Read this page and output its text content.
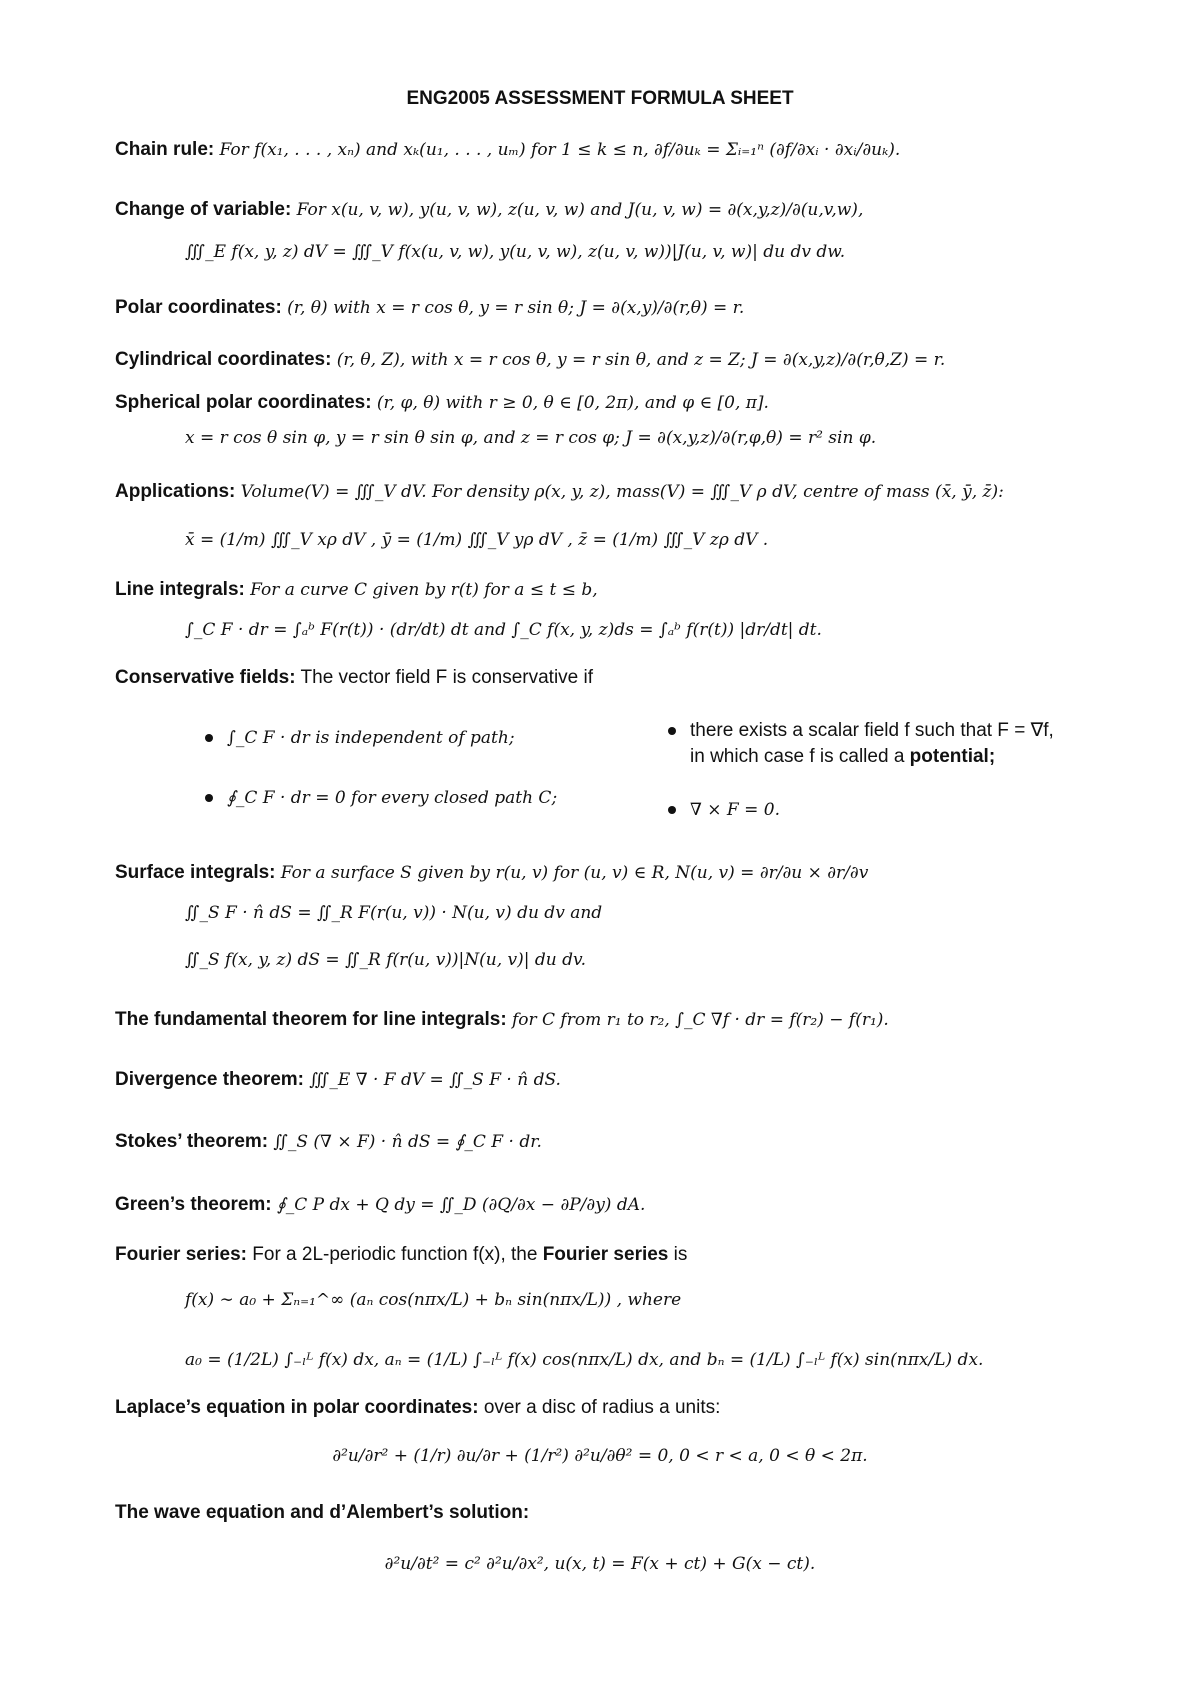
ENG2005 ASSESSMENT FORMULA SHEET
Chain rule: For f(x₁, . . . , xₙ) and xₖ(u₁, . . . , uₘ) for 1 ≤ k ≤ n, ∂f/∂uₖ = Σᵢ₌₁ⁿ (∂f/∂xᵢ · ∂xᵢ/∂uₖ).
Change of variable: For x(u, v, w), y(u, v, w), z(u, v, w) and J(u, v, w) = ∂(x,y,z)/∂(u,v,w),
∭_E f(x, y, z) dV = ∭_V f(x(u, v, w), y(u, v, w), z(u, v, w))|J(u, v, w)| du dv dw.
Polar coordinates: (r, θ) with x = r cos θ, y = r sin θ; J = ∂(x,y)/∂(r,θ) = r.
Cylindrical coordinates: (r, θ, Z), with x = r cos θ, y = r sin θ, and z = Z; J = ∂(x,y,z)/∂(r,θ,Z) = r.
Spherical polar coordinates: (r, φ, θ) with r ≥ 0, θ ∈ [0, 2π), and φ ∈ [0, π].
x = r cos θ sin φ, y = r sin θ sin φ, and z = r cos φ; J = ∂(x,y,z)/∂(r,φ,θ) = r² sin φ.
Applications: Volume(V) = ∭_V dV. For density ρ(x, y, z), mass(V) = ∭_V ρ dV, centre of mass (x̄, ȳ, z̄):
x̄ = (1/m) ∭_V xρ dV , ȳ = (1/m) ∭_V yρ dV , z̄ = (1/m) ∭_V zρ dV .
Line integrals: For a curve C given by r(t) for a ≤ t ≤ b,
∫_C F · dr = ∫ₐᵇ F(r(t)) · (dr/dt) dt and ∫_C f(x, y, z)ds = ∫ₐᵇ f(r(t)) |dr/dt| dt.
Conservative fields: The vector field F is conservative if
∫_C F · dr is independent of path;
∮_C F · dr = 0 for every closed path C;
there exists a scalar field f such that F = ∇f,
in which case f is called a potential;
∇ × F = 0.
Surface integrals: For a surface S given by r(u, v) for (u, v) ∈ R, N(u, v) = ∂r/∂u × ∂r/∂v
∬_S F · n̂ dS = ∬_R F(r(u, v)) · N(u, v) du dv and
∬_S f(x, y, z) dS = ∬_R f(r(u, v))|N(u, v)| du dv.
The fundamental theorem for line integrals: for C from r₁ to r₂, ∫_C ∇f · dr = f(r₂) − f(r₁).
Divergence theorem: ∭_E ∇ · F dV = ∬_S F · n̂ dS.
Stokes’ theorem: ∬_S (∇ × F) · n̂ dS = ∮_C F · dr.
Green’s theorem: ∮_C P dx + Q dy = ∬_D (∂Q/∂x − ∂P/∂y) dA.
Fourier series: For a 2L-periodic function f(x), the Fourier series is
f(x) ∼ a₀ + Σₙ₌₁^∞ (aₙ cos(nπx/L) + bₙ sin(nπx/L)) , where
a₀ = (1/2L) ∫₋ₗᴸ f(x) dx, aₙ = (1/L) ∫₋ₗᴸ f(x) cos(nπx/L) dx, and bₙ = (1/L) ∫₋ₗᴸ f(x) sin(nπx/L) dx.
Laplace’s equation in polar coordinates: over a disc of radius a units:
∂²u/∂r² + (1/r) ∂u/∂r + (1/r²) ∂²u/∂θ² = 0, 0 < r < a, 0 < θ < 2π.
The wave equation and d’Alembert’s solution:
∂²u/∂t² = c² ∂²u/∂x², u(x, t) = F(x + ct) + G(x − ct).
